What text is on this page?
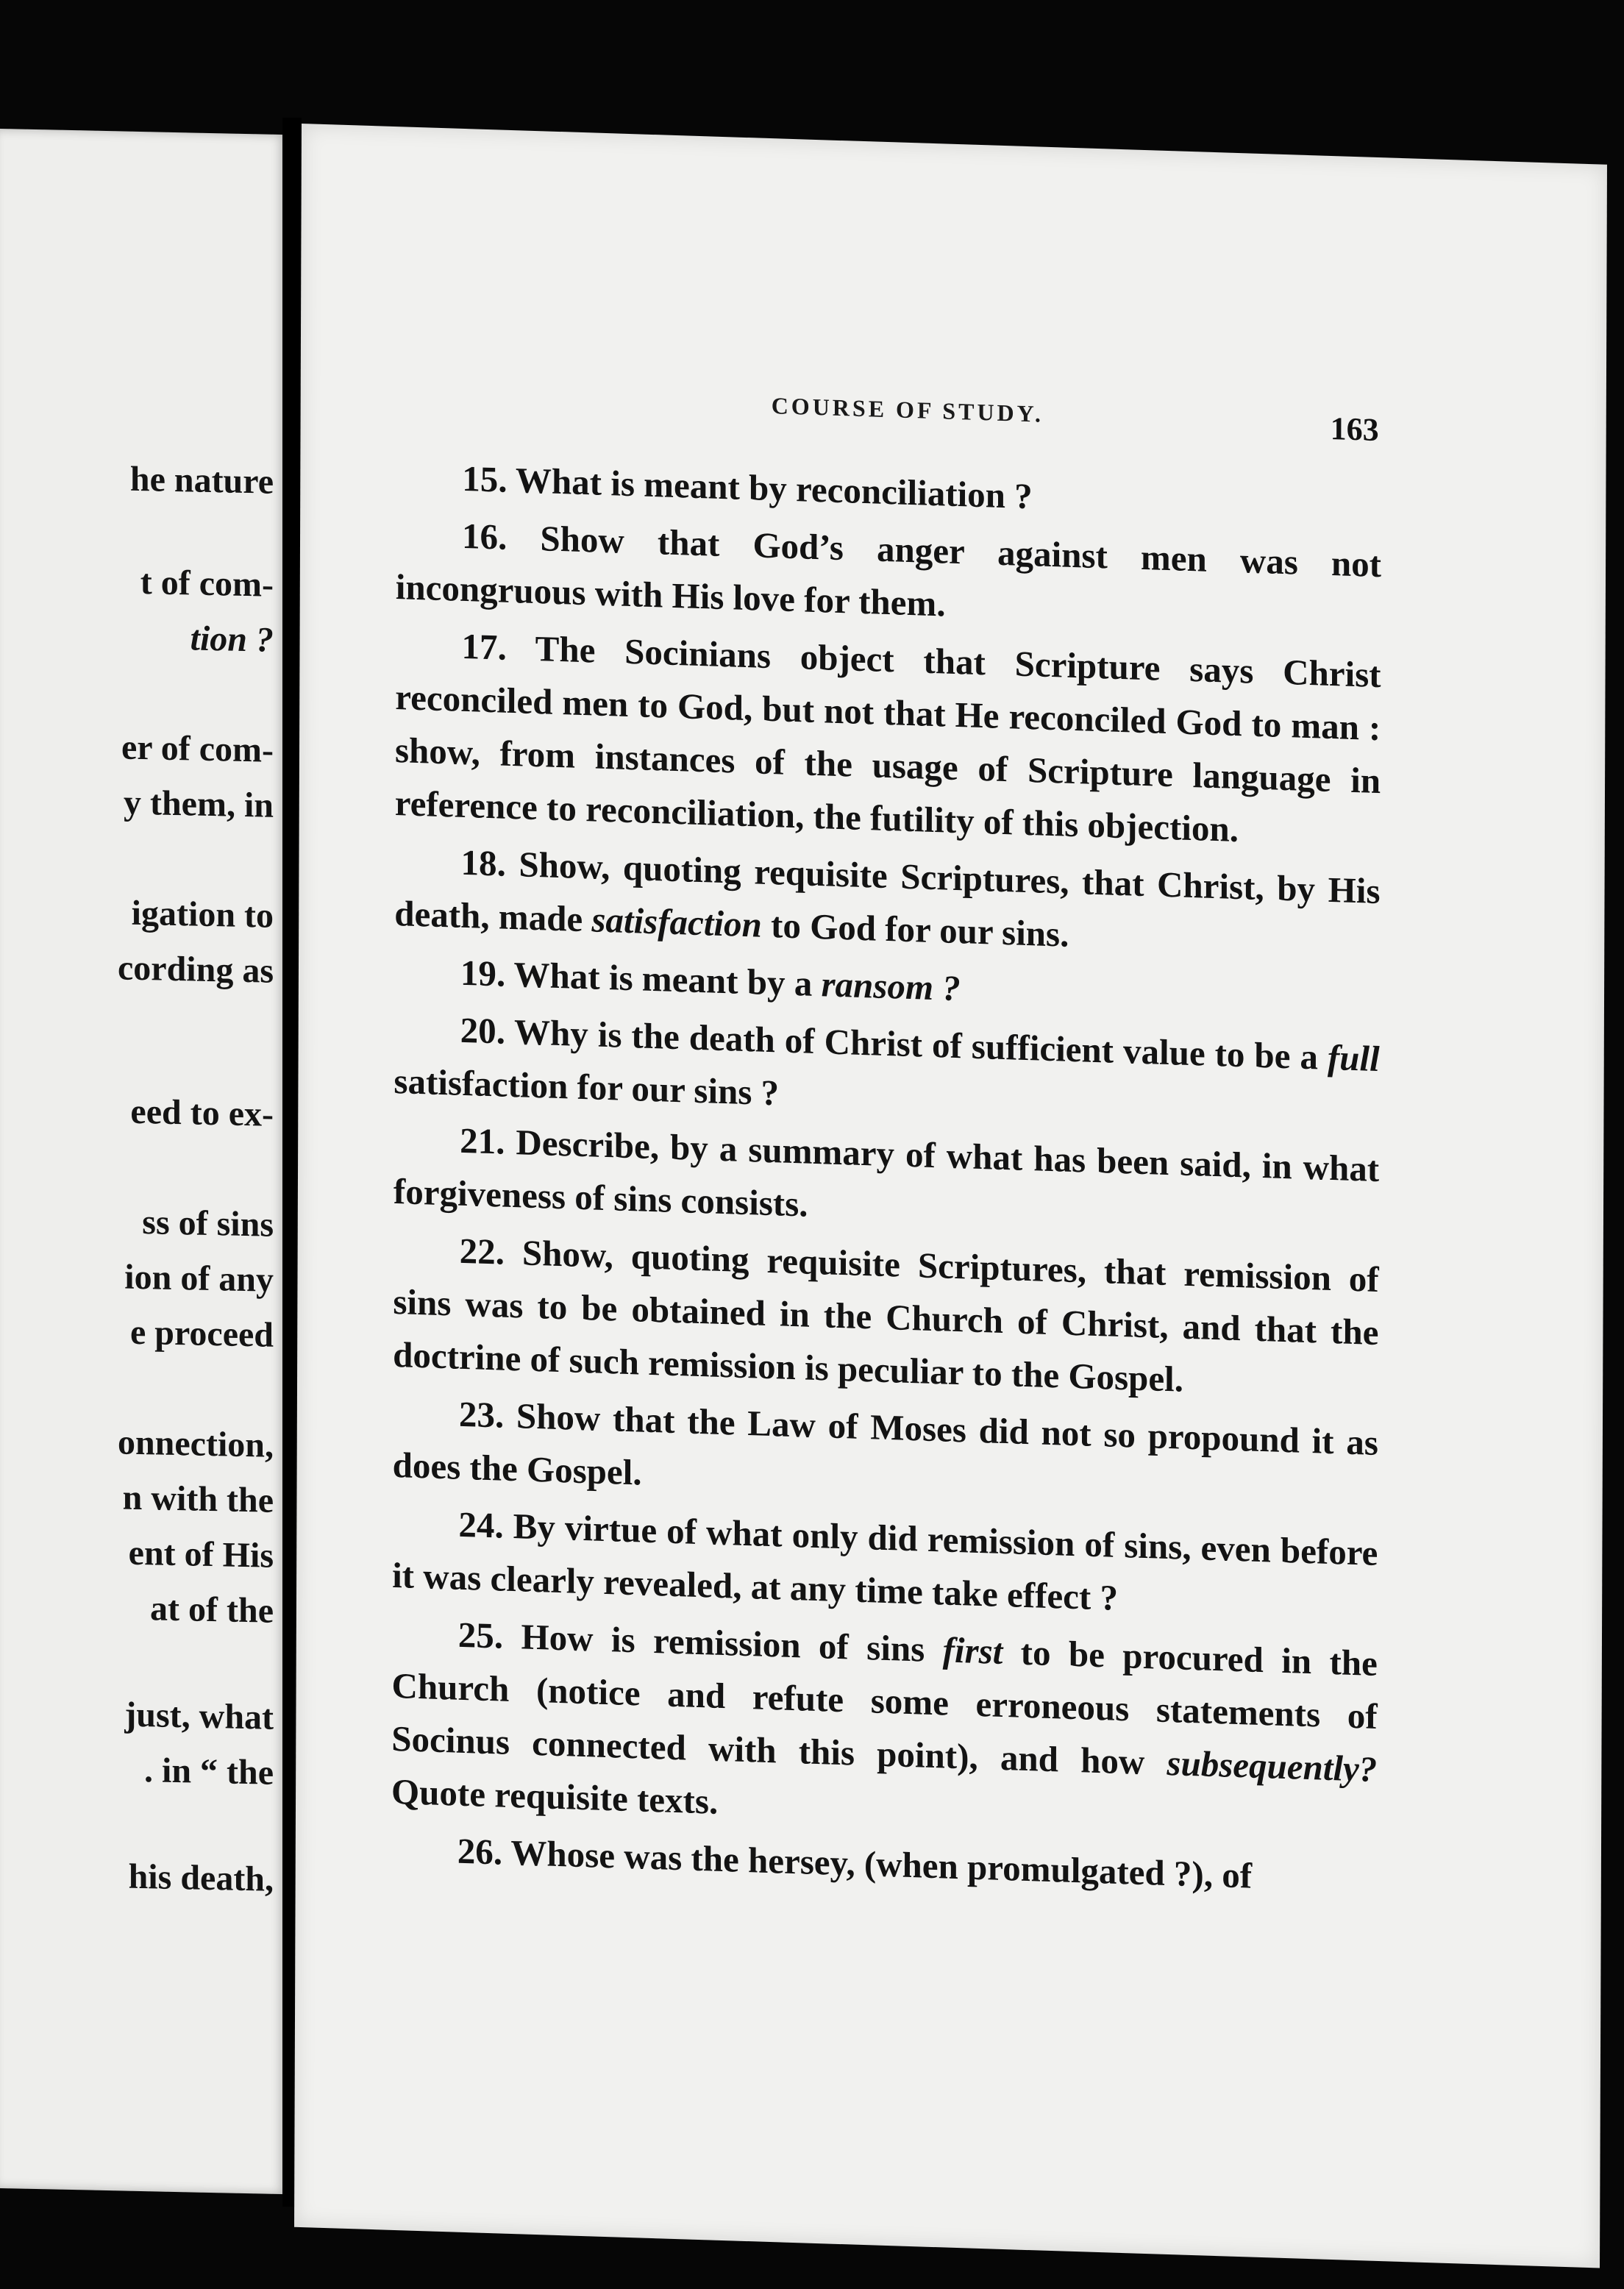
he nature
t of com-
tion ?
er of com-
y them, in
igation to
cording as
eed to ex-
ss of sins
ion of any
e proceed
onnection,
n with the
ent of His
at of the
just, what
. in “ the
his death,
COURSE OF STUDY.
163

15. What is meant by reconciliation ?

16. Show that God’s anger against men was not incongruous with His love for them.

17. The Socinians object that Scripture says Christ reconciled men to God, but not that He reconciled God to man : show, from instances of the usage of Scripture language in reference to reconciliation, the futility of this objection.

18. Show, quoting requisite Scriptures, that Christ, by His death, made satisfaction to God for our sins.

19. What is meant by a ransom ?

20. Why is the death of Christ of sufficient value to be a full satisfaction for our sins ?

21. Describe, by a summary of what has been said, in what forgiveness of sins consists.

22. Show, quoting requisite Scriptures, that remission of sins was to be obtained in the Church of Christ, and that the doctrine of such remission is peculiar to the Gospel.

23. Show that the Law of Moses did not so propound it as does the Gospel.

24. By virtue of what only did remission of sins, even before it was clearly revealed, at any time take effect ?

25. How is remission of sins first to be procured in the Church (notice and refute some erroneous statements of Socinus connected with this point), and how subsequently? Quote requisite texts.

26. Whose was the hersey, (when promulgated ?), of
